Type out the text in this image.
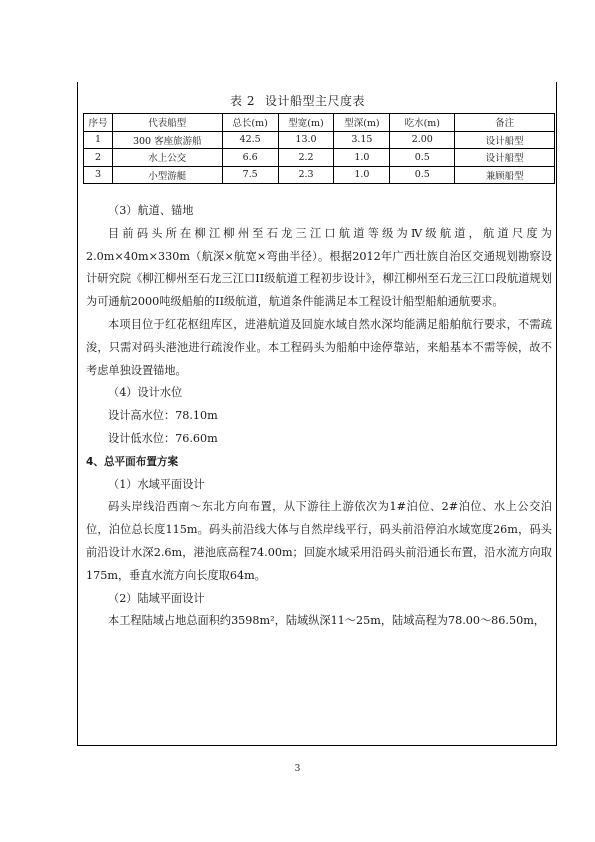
表 2 设计船型主尺度表
序号	代表船型	总长(m)	型宽(m)	型深(m)	吃水(m)	备注
1	300 客座旅游船	42.5	13.0	3.15	2.00	设计船型
2	水上公交	6.6	2.2	1.0	0.5	设计船型
3	小型游艇	7.5	2.3	1.0	0.5	兼顾船型

（3）航道、锚地

目前码头所在柳江柳州至石龙三江口航道等级为Ⅳ级航道，航道尺度为2.0m×40m×330m（航深×航宽×弯曲半径）。根据2012年广西壮族自治区交通规划勘察设计研究院《柳江柳州至石龙三江口II级航道工程初步设计》，柳江柳州至石龙三江口段航道规划为可通航2000吨级船舶的II级航道，航道条件能满足本工程设计船型船舶通航要求。

本项目位于红花枢纽库区，进港航道及回旋水域自然水深均能满足船舶航行要求，不需疏浚，只需对码头港池进行疏浚作业。本工程码头为船舶中途停靠站，来船基本不需等候，故不考虑单独设置锚地。

（4）设计水位

设计高水位：78.10m

设计低水位：76.60m

4、总平面布置方案

（1）水域平面设计

码头岸线沿西南～东北方向布置，从下游往上游依次为1#泊位、2#泊位、水上公交泊位，泊位总长度115m。码头前沿线大体与自然岸线平行，码头前沿停泊水域宽度26m，码头前沿设计水深2.6m，港池底高程74.00m；回旋水域采用沿码头前沿通长布置，沿水流方向取175m，垂直水流方向长度取64m。

（2）陆域平面设计

本工程陆域占地总面积约3598m²，陆域纵深11～25m，陆域高程为78.00～86.50m，

3
